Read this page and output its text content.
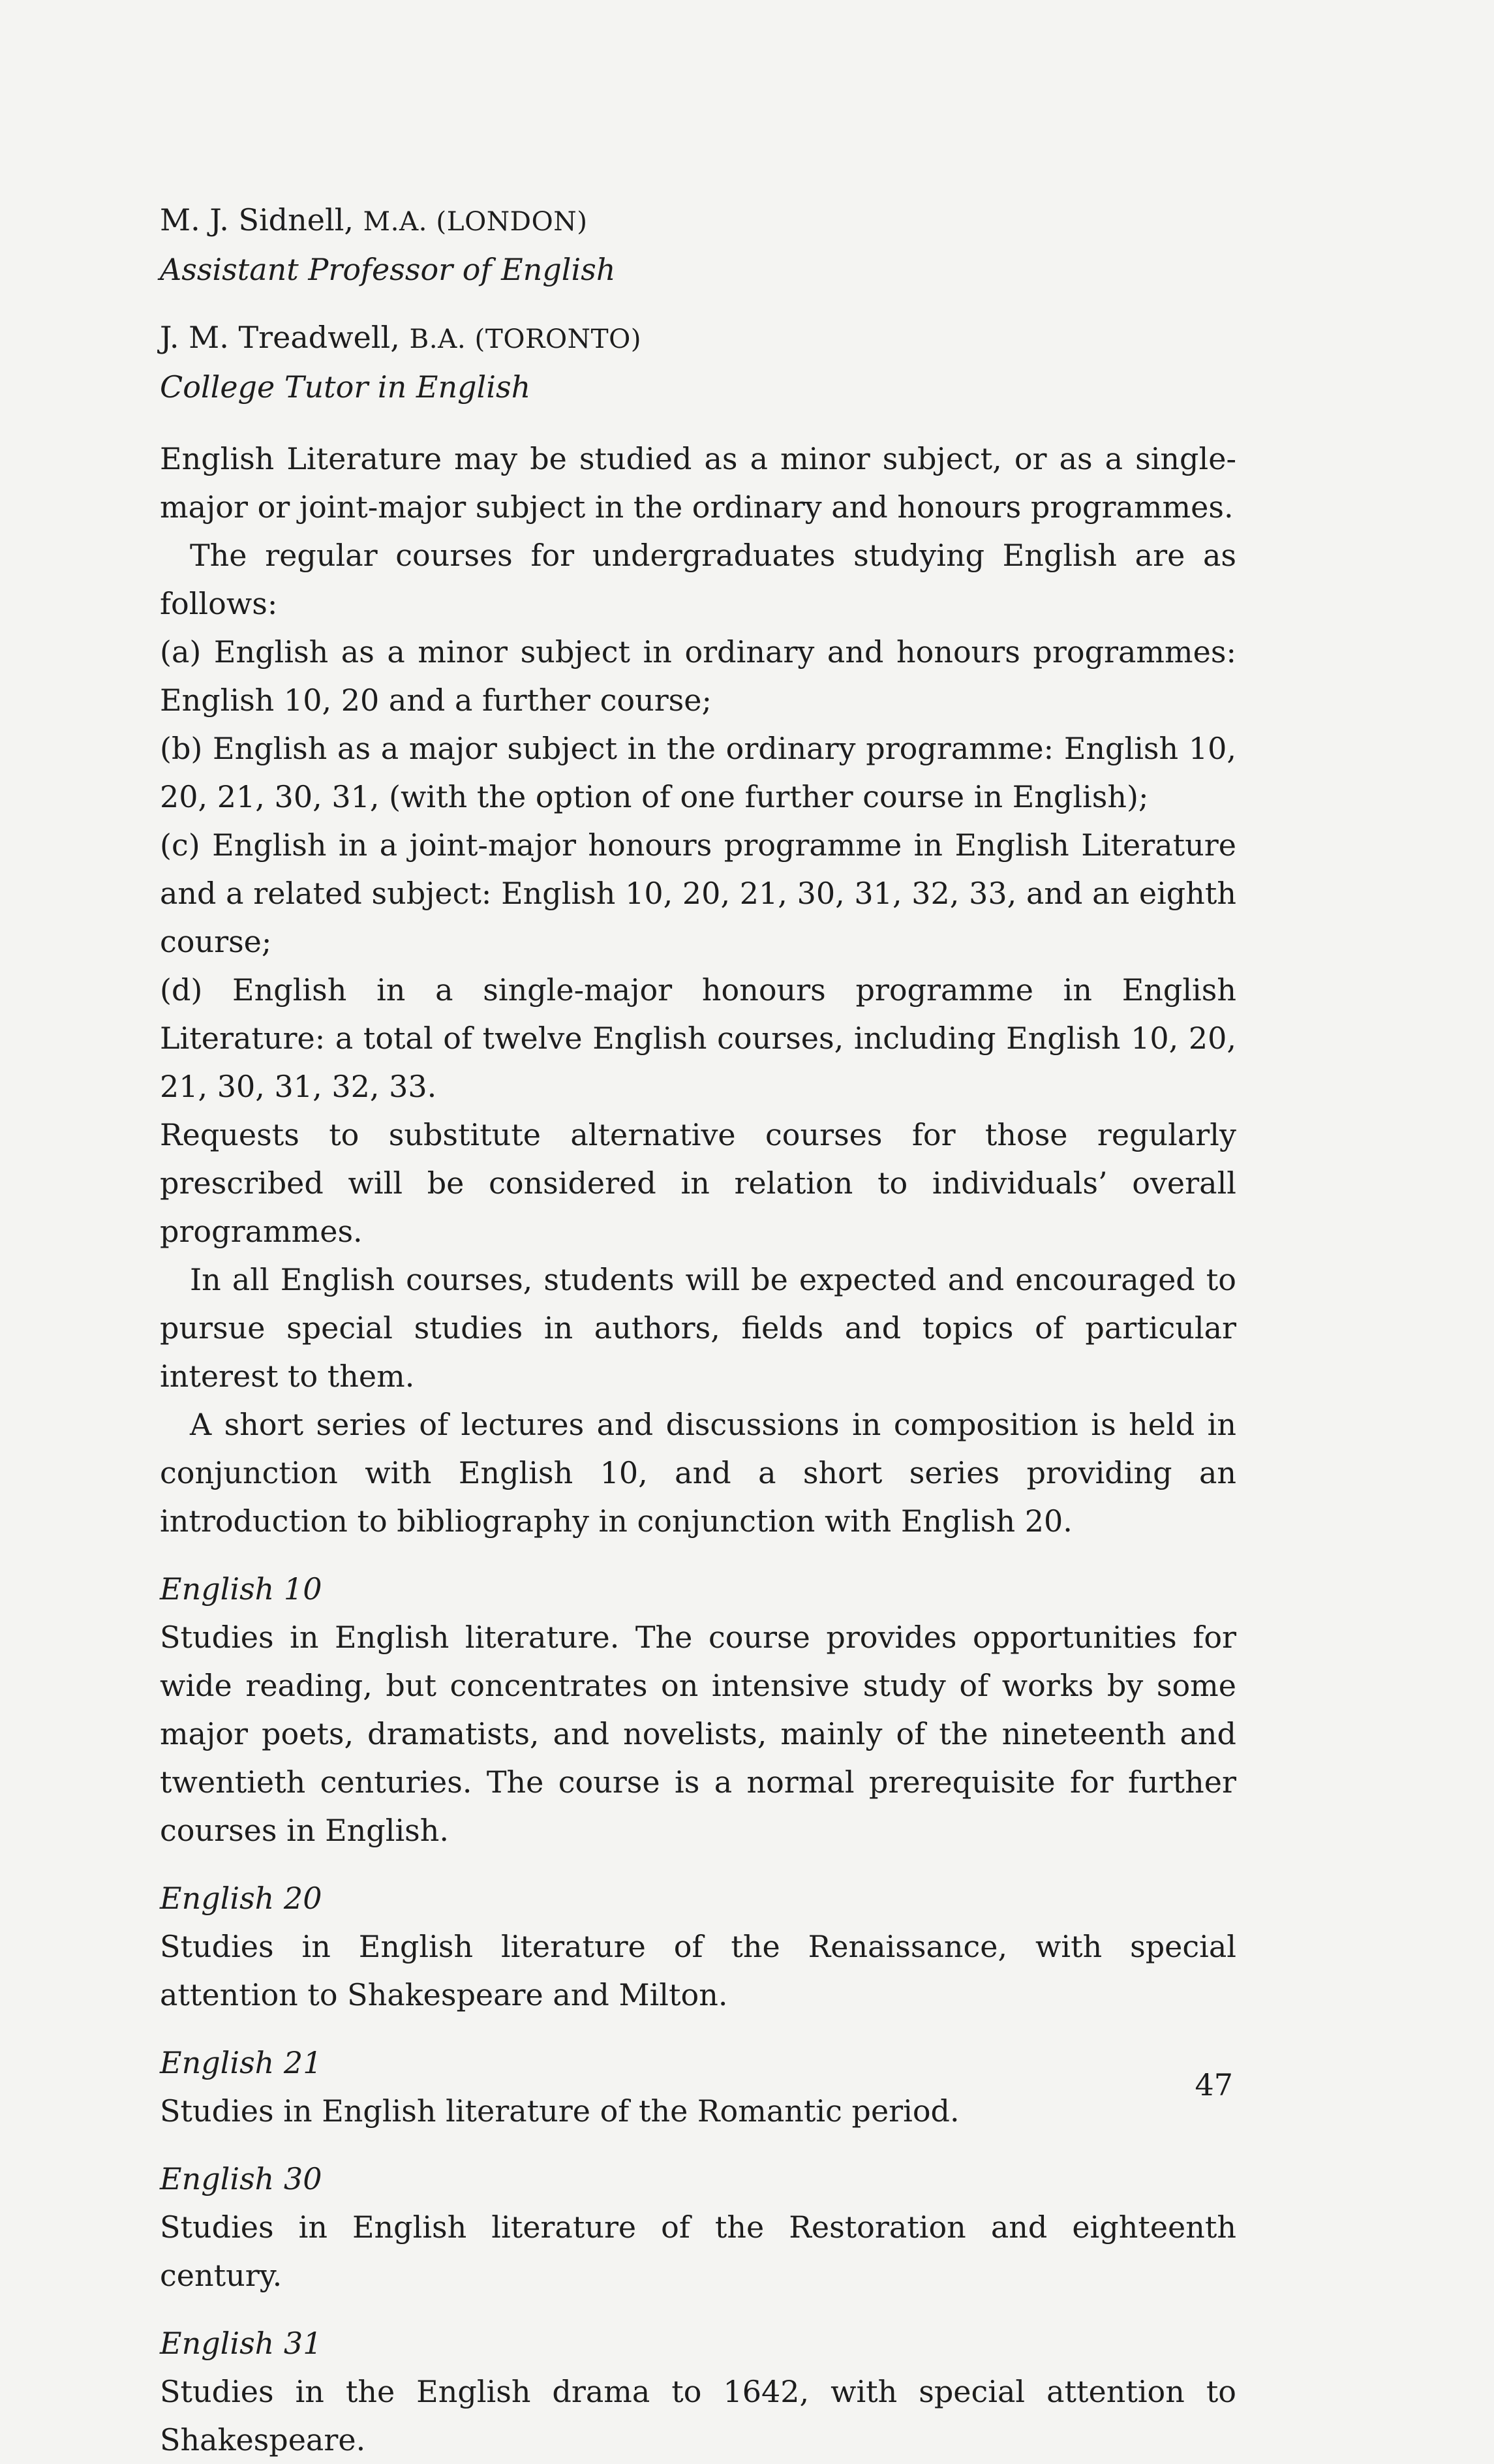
M. J. Sidnell, M.A. (LONDON)
Assistant Professor of English
J. M. Treadwell, B.A. (TORONTO)
College Tutor in English

English Literature may be studied as a minor subject, or as a single-major or joint-major subject in the ordinary and honours programmes.

The regular courses for undergraduates studying English are as follows:

(a) English as a minor subject in ordinary and honours programmes: English 10, 20 and a further course;
(b) English as a major subject in the ordinary programme: English 10, 20, 21, 30, 31, (with the option of one further course in English);
(c) English in a joint-major honours programme in English Literature and a related subject: English 10, 20, 21, 30, 31, 32, 33, and an eighth course;
(d) English in a single-major honours programme in English Literature: a total of twelve English courses, including English 10, 20, 21, 30, 31, 32, 33.

Requests to substitute alternative courses for those regularly prescribed will be considered in relation to individuals’ overall programmes.

In all English courses, students will be expected and encouraged to pursue special studies in authors, fields and topics of particular interest to them.

A short series of lectures and discussions in composition is held in conjunction with English 10, and a short series providing an introduction to bibliography in conjunction with English 20.

English 10
Studies in English literature. The course provides opportunities for wide reading, but concentrates on intensive study of works by some major poets, dramatists, and novelists, mainly of the nineteenth and twentieth centuries. The course is a normal prerequisite for further courses in English.
English 20
Studies in English literature of the Renaissance, with special attention to Shakespeare and Milton.
English 21
Studies in English literature of the Romantic period.
English 30
Studies in English literature of the Restoration and eighteenth century.
English 31
Studies in the English drama to 1642, with special attention to Shakespeare.
47
